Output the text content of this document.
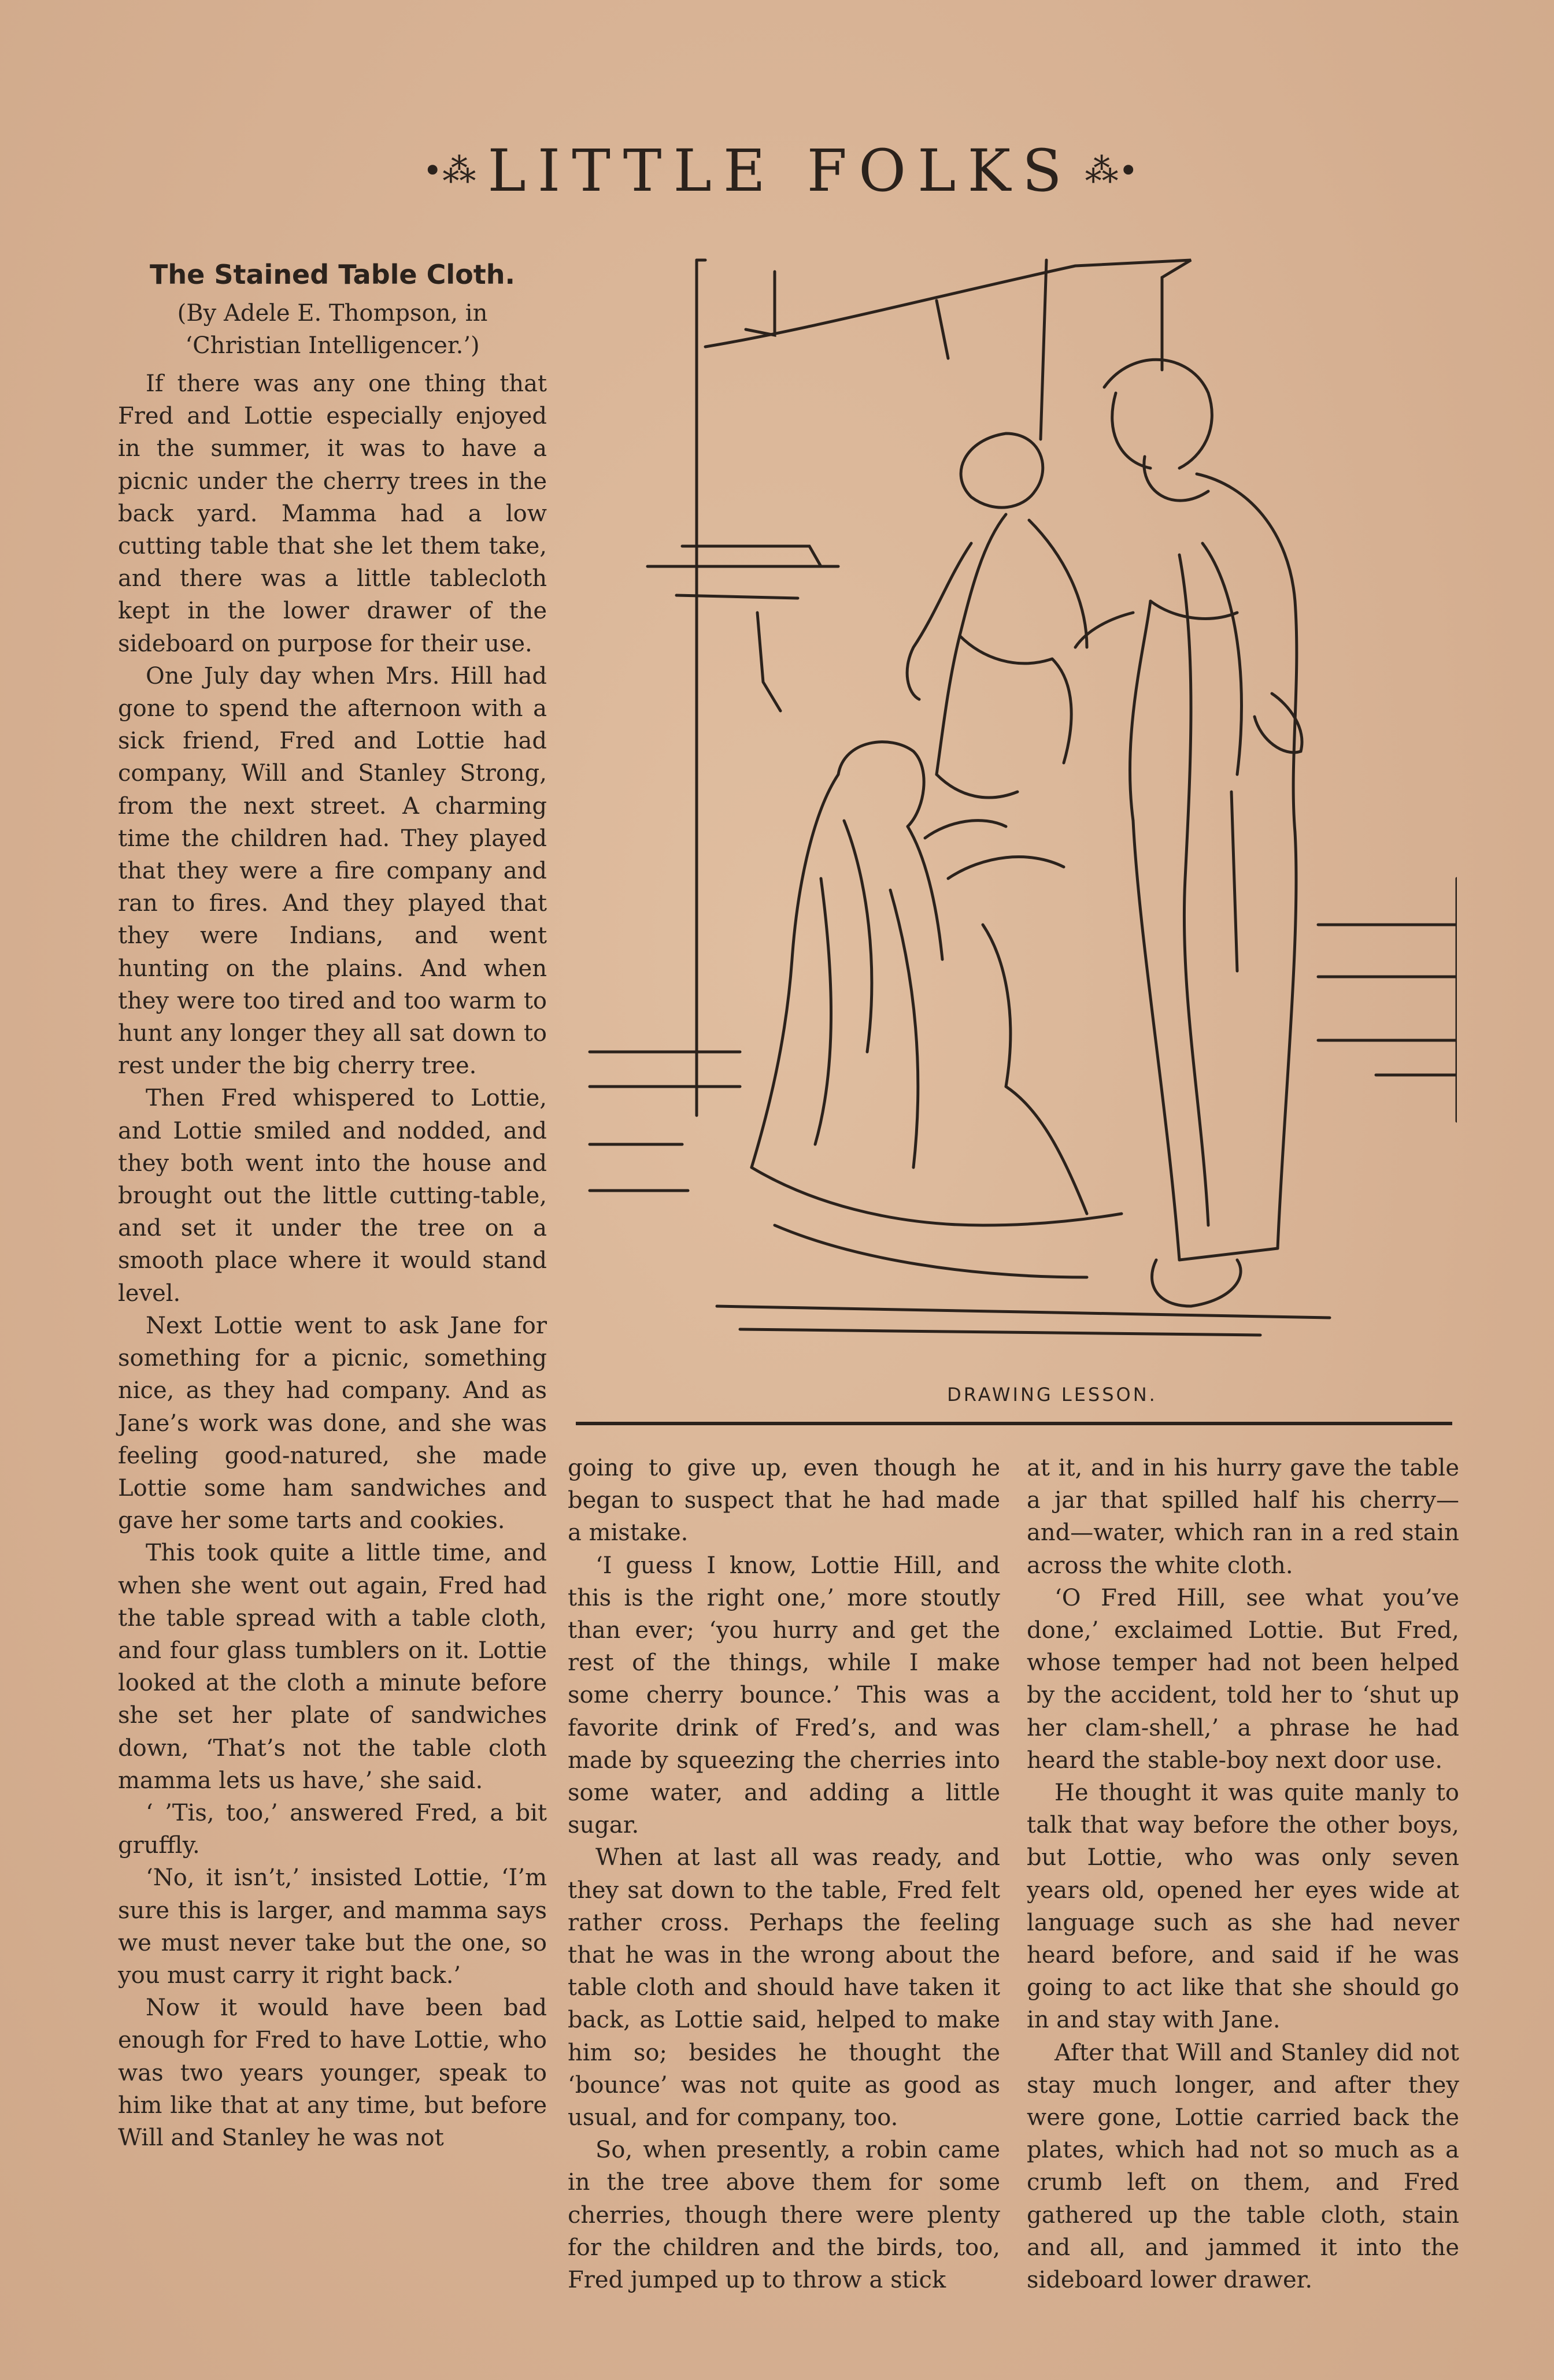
•⁂ LITTLE FOLKS ⁂•
The Stained Table Cloth.
(By Adele E. Thompson, in ‘Christian Intelligencer.’)

If there was any one thing that Fred and Lottie especially enjoyed in the summer, it was to have a picnic under the cherry trees in the back yard. Mamma had a low cutting table that she let them take, and there was a little tablecloth kept in the lower drawer of the sideboard on purpose for their use.

One July day when Mrs. Hill had gone to spend the afternoon with a sick friend, Fred and Lottie had company, Will and Stanley Strong, from the next street. A charming time the children had. They played that they were a fire company and ran to fires. And they played that they were Indians, and went hunting on the plains. And when they were too tired and too warm to hunt any longer they all sat down to rest under the big cherry tree.

Then Fred whispered to Lottie, and Lottie smiled and nodded, and they both went into the house and brought out the little cutting-table, and set it under the tree on a smooth place where it would stand level.

Next Lottie went to ask Jane for something for a picnic, something nice, as they had company. And as Jane’s work was done, and she was feeling good-natured, she made Lottie some ham sandwiches and gave her some tarts and cookies.

This took quite a little time, and when she went out again, Fred had the table spread with a table cloth, and four glass tumblers on it. Lottie looked at the cloth a minute before she set her plate of sandwiches down, ‘That’s not the table cloth mamma lets us have,’ she said.

‘ ’Tis, too,’ answered Fred, a bit gruffly.

‘No, it isn’t,’ insisted Lottie, ‘I’m sure this is larger, and mamma says we must never take but the one, so you must carry it right back.’

Now it would have been bad enough for Fred to have Lottie, who was two years younger, speak to him like that at any time, but before Will and Stanley he was not

DRAWING LESSON.

going to give up, even though he began to suspect that he had made a mistake.

‘I guess I know, Lottie Hill, and this is the right one,’ more stoutly than ever; ‘you hurry and get the rest of the things, while I make some cherry bounce.’ This was a favorite drink of Fred’s, and was made by squeezing the cherries into some water, and adding a little sugar.

When at last all was ready, and they sat down to the table, Fred felt rather cross. Perhaps the feeling that he was in the wrong about the table cloth and should have taken it back, as Lottie said, helped to make him so; besides he thought the ‘bounce’ was not quite as good as usual, and for company, too.

So, when presently, a robin came in the tree above them for some cherries, though there were plenty for the children and the birds, too, Fred jumped up to throw a stick

at it, and in his hurry gave the table a jar that spilled half his cherry—and—water, which ran in a red stain across the white cloth.

‘O Fred Hill, see what you’ve done,’ exclaimed Lottie. But Fred, whose temper had not been helped by the accident, told her to ‘shut up her clam-shell,’ a phrase he had heard the stable-boy next door use.

He thought it was quite manly to talk that way before the other boys, but Lottie, who was only seven years old, opened her eyes wide at language such as she had never heard before, and said if he was going to act like that she should go in and stay with Jane.

After that Will and Stanley did not stay much longer, and after they were gone, Lottie carried back the plates, which had not so much as a crumb left on them, and Fred gathered up the table cloth, stain and all, and jammed it into the sideboard lower drawer.
